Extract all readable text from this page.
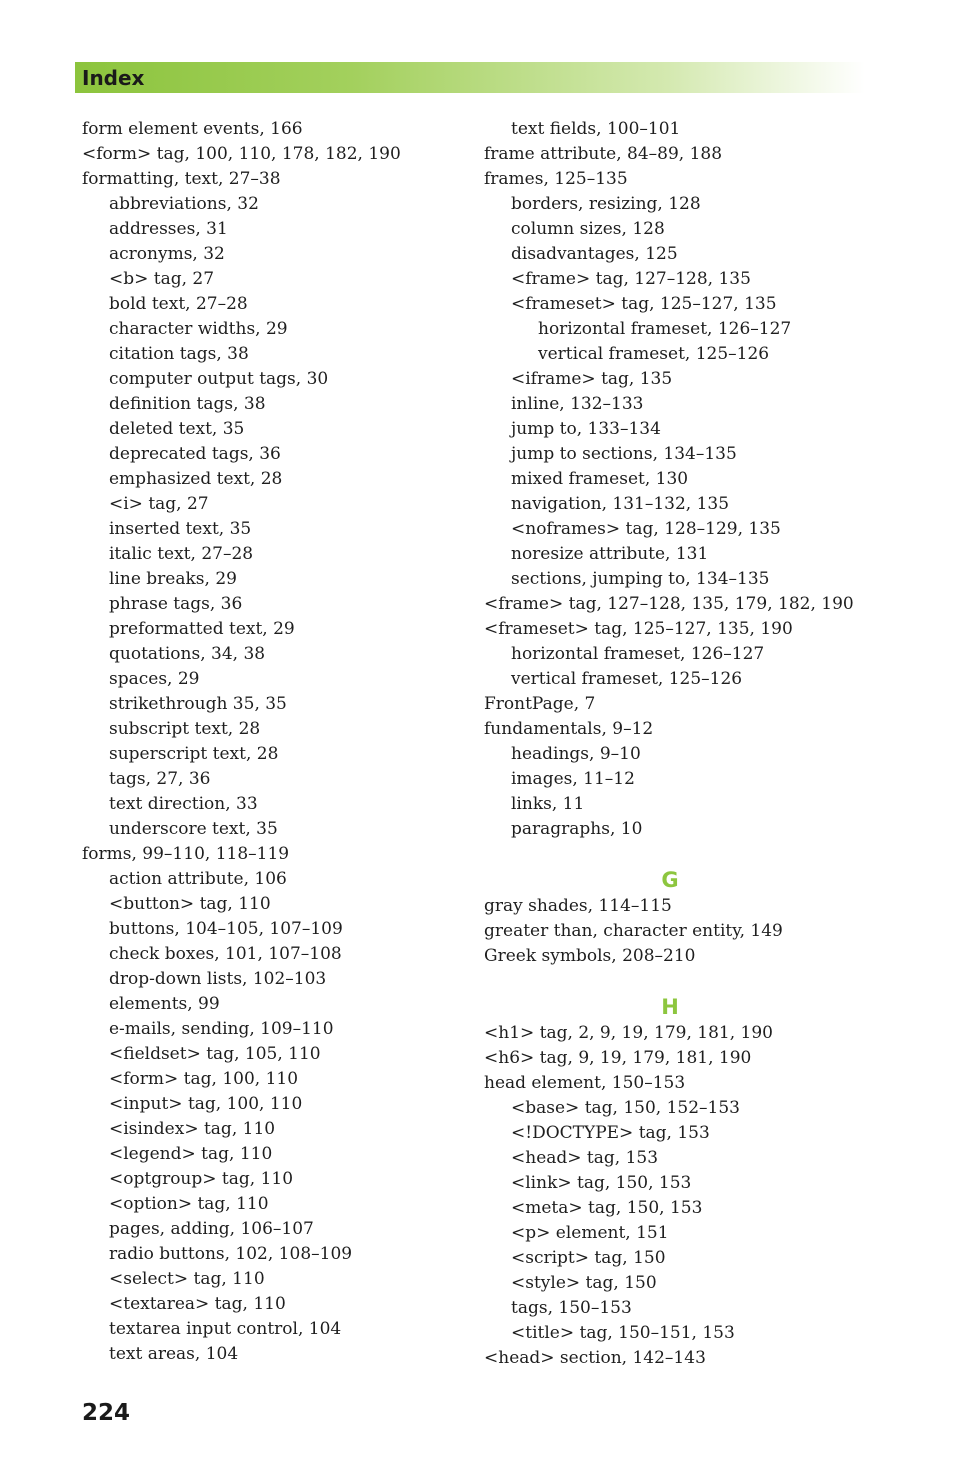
Index
form element events, 166
<form> tag, 100, 110, 178, 182, 190
formatting, text, 27–38
abbreviations, 32
addresses, 31
acronyms, 32
<b> tag, 27
bold text, 27–28
character widths, 29
citation tags, 38
computer output tags, 30
definition tags, 38
deleted text, 35
deprecated tags, 36
emphasized text, 28
<i> tag, 27
inserted text, 35
italic text, 27–28
line breaks, 29
phrase tags, 36
preformatted text, 29
quotations, 34, 38
spaces, 29
strikethrough 35, 35
subscript text, 28
superscript text, 28
tags, 27, 36
text direction, 33
underscore text, 35
forms, 99–110, 118–119
action attribute, 106
<button> tag, 110
buttons, 104–105, 107–109
check boxes, 101, 107–108
drop-down lists, 102–103
elements, 99
e-mails, sending, 109–110
<fieldset> tag, 105, 110
<form> tag, 100, 110
<input> tag, 100, 110
<isindex> tag, 110
<legend> tag, 110
<optgroup> tag, 110
<option> tag, 110
pages, adding, 106–107
radio buttons, 102, 108–109
<select> tag, 110
<textarea> tag, 110
textarea input control, 104
text areas, 104
text fields, 100–101
frame attribute, 84–89, 188
frames, 125–135
borders, resizing, 128
column sizes, 128
disadvantages, 125
<frame> tag, 127–128, 135
<frameset> tag, 125–127, 135
horizontal frameset, 126–127
vertical frameset, 125–126
<iframe> tag, 135
inline, 132–133
jump to, 133–134
jump to sections, 134–135
mixed frameset, 130
navigation, 131–132, 135
<noframes> tag, 128–129, 135
noresize attribute, 131
sections, jumping to, 134–135
<frame> tag, 127–128, 135, 179, 182, 190
<frameset> tag, 125–127, 135, 190
horizontal frameset, 126–127
vertical frameset, 125–126
FrontPage, 7
fundamentals, 9–12
headings, 9–10
images, 11–12
links, 11
paragraphs, 10
G
gray shades, 114–115
greater than, character entity, 149
Greek symbols, 208–210
H
<h1> tag, 2, 9, 19, 179, 181, 190
<h6> tag, 9, 19, 179, 181, 190
head element, 150–153
<base> tag, 150, 152–153
<!DOCTYPE> tag, 153
<head> tag, 153
<link> tag, 150, 153
<meta> tag, 150, 153
<p> element, 151
<script> tag, 150
<style> tag, 150
tags, 150–153
<title> tag, 150–151, 153
<head> section, 142–143
224
